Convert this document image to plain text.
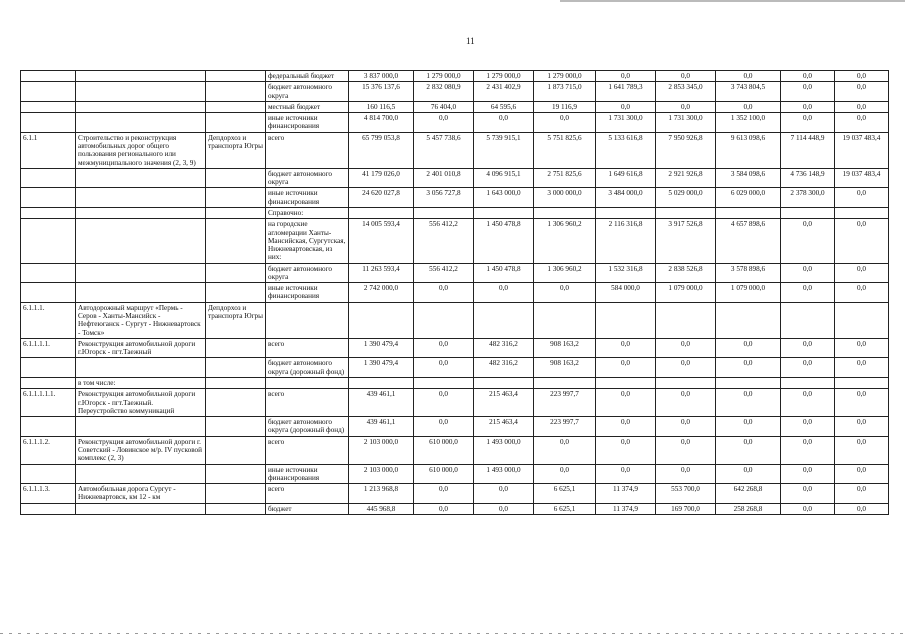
11
			федеральный бюджет	3 837 000,0	1 279 000,0	1 279 000,0	1 279 000,0	0,0	0,0	0,0	0,0	0,0
			бюджет автономного округа	15 376 137,6	2 832 080,9	2 431 402,9	1 873 715,0	1 641 789,3	2 853 345,0	3 743 804,5	0,0	0,0
			местный бюджет	160 116,5	76 404,0	64 595,6	19 116,9	0,0	0,0	0,0	0,0	0,0
			иные источники финансирования	4 814 700,0	0,0	0,0	0,0	1 731 300,0	1 731 300,0	1 352 100,0	0,0	0,0
6.1.1	Строительство и реконструкция автомобильных дорог общего пользования регионального или межмуниципального значения (2, 3, 9)	Депдорхоз и транспорта Югры	всего	65 799 053,8	5 457 738,6	5 739 915,1	5 751 825,6	5 133 616,8	7 950 926,8	9 613 098,6	7 114 448,9	19 037 483,4
			бюджет автономного округа	41 179 026,0	2 401 010,8	4 096 915,1	2 751 825,6	1 649 616,8	2 921 926,8	3 584 098,6	4 736 148,9	19 037 483,4
			иные источники финансирования	24 620 027,8	3 056 727,8	1 643 000,0	3 000 000,0	3 484 000,0	5 029 000,0	6 029 000,0	2 378 300,0	0,0
			Справочно:									
			на городские агломерации Ханты-Мансийская, Сургутская, Нижневартовская, из них:	14 005 593,4	556 412,2	1 450 478,8	1 306 960,2	2 116 316,8	3 917 526,8	4 657 898,6	0,0	0,0
			бюджет автономного округа	11 263 593,4	556 412,2	1 450 478,8	1 306 960,2	1 532 316,8	2 838 526,8	3 578 898,6	0,0	0,0
			иные источники финансирования	2 742 000,0	0,0	0,0	0,0	584 000,0	1 079 000,0	1 079 000,0	0,0	0,0
6.1.1.1.	Автодорожный маршрут «Пермь - Серов - Ханты-Мансийск - Нефтеюганск - Сургут - Нижневартовск - Томск»	Депдорхоз и транспорта Югры										
6.1.1.1.1.	Реконструкция автомобильной дороги г.Югорск - пгт.Таежный		всего	1 390 479,4	0,0	482 316,2	908 163,2	0,0	0,0	0,0	0,0	0,0
			бюджет автономного округа (дорожный фонд)	1 390 479,4	0,0	482 316,2	908 163,2	0,0	0,0	0,0	0,0	0,0
	в том числе:											
6.1.1.1.1.1.	Реконструкция автомобильной дороги г.Югорск - пгт.Таежный. Переустройство коммуникаций		всего	439 461,1	0,0	215 463,4	223 997,7	0,0	0,0	0,0	0,0	0,0
			бюджет автономного округа (дорожный фонд)	439 461,1	0,0	215 463,4	223 997,7	0,0	0,0	0,0	0,0	0,0
6.1.1.1.2.	Реконструкция автомобильной дороги г. Советский - Ловинское м/р. IV пусковой комплекс (2, 3)		всего	2 103 000,0	610 000,0	1 493 000,0	0,0	0,0	0,0	0,0	0,0	0,0
			иные источники финансирования	2 103 000,0	610 000,0	1 493 000,0	0,0	0,0	0,0	0,0	0,0	0,0
6.1.1.1.3.	Автомобильная дорога Сургут - Нижневартовск, км 12 - км		всего	1 213 968,8	0,0	0,0	6 625,1	11 374,9	553 700,0	642 268,8	0,0	0,0
			бюджет	445 968,8	0,0	0,0	6 625,1	11 374,9	169 700,0	258 268,8	0,0	0,0
